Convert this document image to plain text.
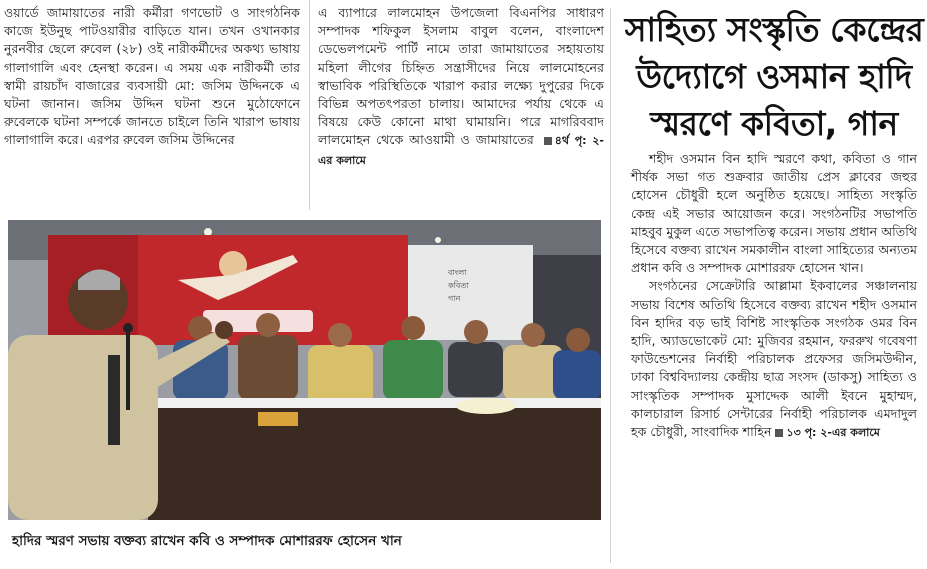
ওয়ার্ডে জামায়াতের নারী কর্মীরা গণভোট ও সাংগঠনিক কাজে ইউনুছ পাটওয়ারীর বাড়িতে যান। তখন ওখানকার নুরনবীর ছেলে রুবেল (২৮) ওই নারীকর্মীদের অকথ্য ভাষায় গালাগালি এবং হেনস্থা করেন। এ সময় এক নারীকর্মী তার স্বামী রায়চাঁদ বাজারের ব্যবসায়ী মো: জসিম উদ্দিনকে এ ঘটনা জানান। জসিম উদ্দিন ঘটনা শুনে মুঠোফোনে রুবেলকে ঘটনা সম্পর্কে জানতে চাইলে তিনি খারাপ ভাষায় গালাগালি করে। এরপর রুবেল জসিম উদ্দিনের
এ ব্যাপারে লালমোহন উপজেলা বিএনপির সাধারণ সম্পাদক শফিকুল ইসলাম বাবুল বলেন, বাংলাদেশ ডেভেলপমেন্ট পার্টি নামে তারা জামায়াতের সহায়তায় মহিলা লীগের চিহ্নিত সন্ত্রাসীদের নিয়ে লালমোহনের স্বাভাবিক পরিস্থিতিকে খারাপ করার লক্ষ্যে দুপুরের দিকে বিভিন্ন অপতৎপরতা চালায়। আমাদের পর্যায় থেকে এ বিষয়ে কেউ কোনো মাথা ঘামায়নি। পরে মাগরিববাদ লালমোহন থেকে আওয়ামী ও জামায়াতের ৪র্থ পৃ: ২-এর কলামে
বাংলা
কবিতা
গান
হাদির স্মরণ সভায় বক্তব্য রাখেন কবি ও সম্পাদক মোশাররফ হোসেন খান
সাহিত্য সংস্কৃতি কেন্দ্রের
উদ্যোগে ওসমান হাদি
স্মরণে কবিতা, গান

শহীদ ওসমান বিন হাদি স্মরণে কথা, কবিতা ও গান শীর্ষক সভা গত শুক্রবার জাতীয় প্রেস ক্লাবের জহুর হোসেন চৌধুরী হলে অনুষ্ঠিত হয়েছে। সাহিত্য সংস্কৃতি কেন্দ্র এই সভার আয়োজন করে। সংগঠনটির সভাপতি মাহবুব মুকুল এতে সভাপতিত্ব করেন। সভায় প্রধান অতিথি হিসেবে বক্তব্য রাখেন সমকালীন বাংলা সাহিত্যের অন্যতম প্রধান কবি ও সম্পাদক মোশাররফ হোসেন খান।

সংগঠনের সেক্রেটারি আল্লামা ইকবালের সঞ্চালনায় সভায় বিশেষ অতিথি হিসেবে বক্তব্য রাখেন শহীদ ওসমান বিন হাদির বড় ভাই বিশিষ্ট সাংস্কৃতিক সংগঠক ওমর বিন হাদি, অ্যাডভোকেট মো: মুজিবর রহমান, ফররুখ গবেষণা ফাউন্ডেশনের নির্বাহী পরিচালক প্রফেসর জসিমউদ্দীন, ঢাকা বিশ্ববিদ্যালয় কেন্দ্রীয় ছাত্র সংসদ (ডাকসু) সাহিত্য ও সাংস্কৃতিক সম্পাদক মুসাদ্দেক আলী ইবনে মুহাম্মদ, কালচারাল রিসার্চ সেন্টারের নির্বাহী পরিচালক এমদাদুল হক চৌধুরী, সাংবাদিক শাহিন ১৩ পৃ: ২-এর কলামে
